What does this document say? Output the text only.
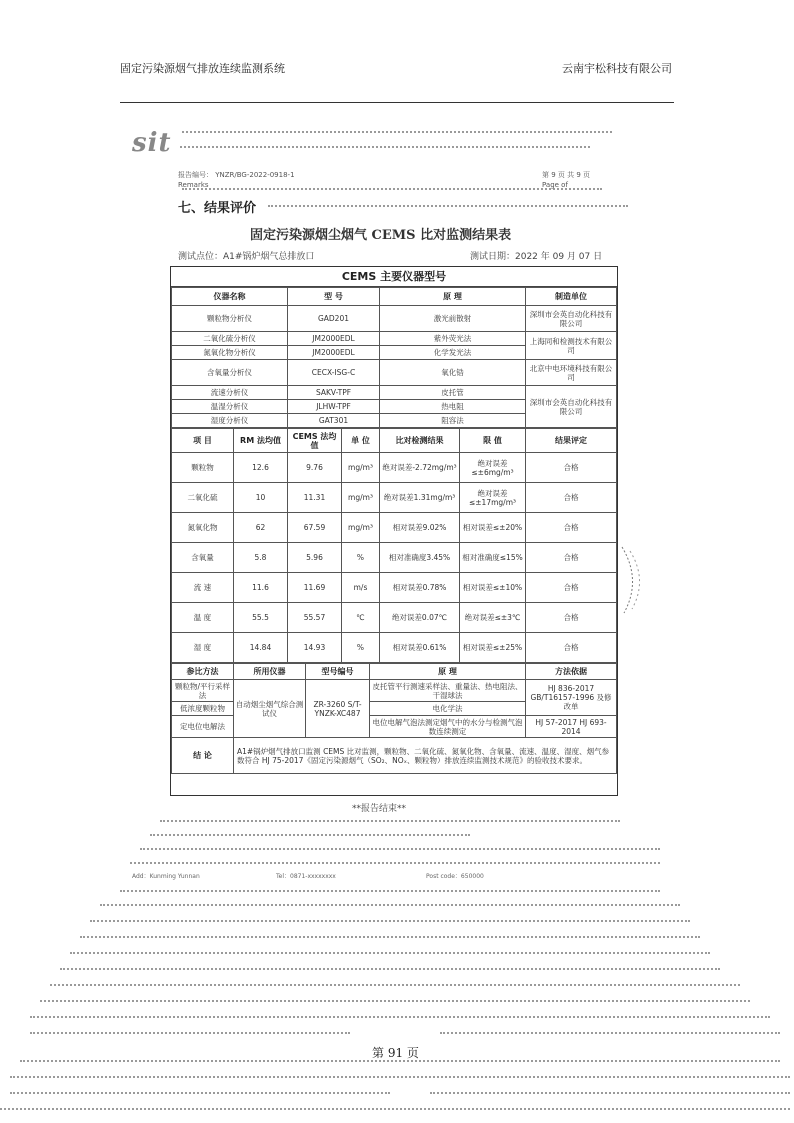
固定污染源烟气排放连续监测系统	云南宇松科技有限公司
sit
报告编号： YNZR/BG-2022-0918-1
Remarks
第 9 页 共 9 页
Page of
七、结果评价
固定污染源烟尘烟气 CEMS 比对监测结果表
测试点位：A1#锅炉烟气总排放口	测试日期：2022 年 09 月 07 日
CEMS 主要仪器型号
仪器名称	型 号	原 理	制造单位
颗粒物分析仪	GAD201	激光前散射	深圳市会英自动化科技有限公司
二氧化硫分析仪	JM2000EDL	紫外荧光法	上海同和检测技术有限公司
氮氧化物分析仪	JM2000EDL	化学发光法	
含氧量分析仪	CECX-ISG-C	氧化锆	北京中电环境科技有限公司
流速分析仪	SAKV-TPF	皮托管	深圳市会英自动化科技有限公司
温湿分析仪	JLHW-TPF	热电阻	
湿度分析仪	GAT301	阻容法	
项 目	RM 法均值	CEMS 法均值	单 位	比对检测结果	限 值	结果评定
颗粒物	12.6	9.76	mg/m³	绝对误差-2.72mg/m³	绝对误差≤±6mg/m³	合格
二氧化硫	10	11.31	mg/m³	绝对误差1.31mg/m³	绝对误差≤±17mg/m³	合格
氮氧化物	62	67.59	mg/m³	相对误差9.02%	相对误差≤±20%	合格
含氧量	5.8	5.96	%	相对准确度3.45%	相对准确度≤15%	合格
流 速	11.6	11.69	m/s	相对误差0.78%	相对误差≤±10%	合格
温 度	55.5	55.57	℃	绝对误差0.07℃	绝对误差≤±3℃	合格
湿 度	14.84	14.93	%	相对误差0.61%	相对误差≤±25%	合格
参比方法	所用仪器	型号编号	原 理	方法依据
颗粒物/平行采样法	自动烟尘烟气综合测试仪	ZR-3260 S/T-YNZK-XC487	皮托管平行测速采样法、重量法、热电阻法、干湿球法	HJ 836-2017 GB/T16157-1996 及修改单
低浓度颗粒物			电化学法	
定电位电解法			电位电解气泡法测定烟气中的水分与检测气泡数连续测定	HJ 57-2017 HJ 693-2014
结 论	A1#锅炉烟气排放口监测 CEMS 比对监测，颗粒物、二氧化硫、氮氧化物、含氧量、流速、温度、湿度、烟气参数符合 HJ 75-2017《固定污染源烟气（SO₂、NOₓ、颗粒物）排放连续监测技术规范》的验收技术要求。			
**报告结束**
Add：Kunming Yunnan	Tel：0871-xxxxxxxx	Post code：650000
第 91 页
